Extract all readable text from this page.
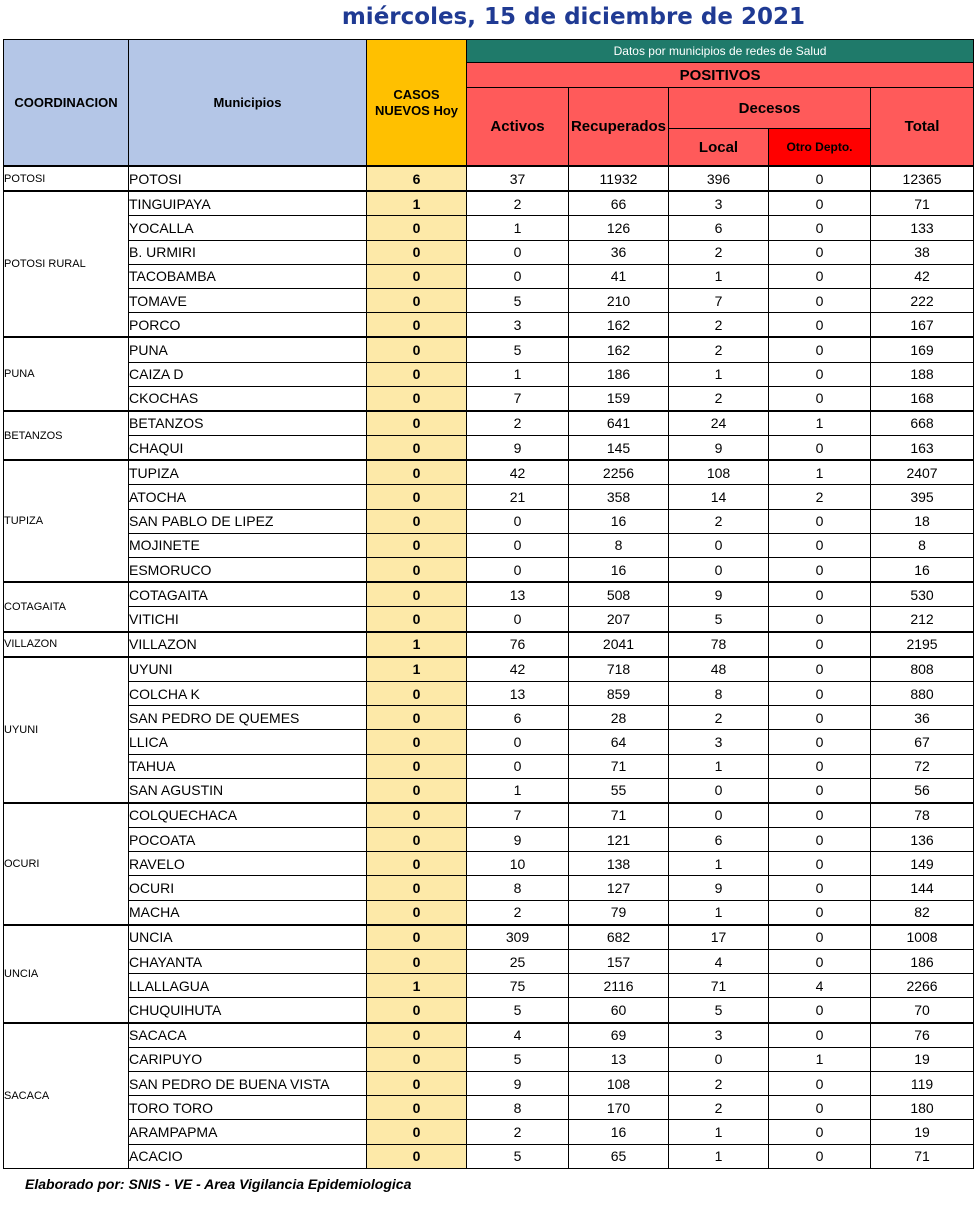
miércoles, 15 de diciembre de 2021
COORDINACION	Municipios	CASOS NUEVOS Hoy	Datos por municipios de redes de Salud				
			POSITIVOS				
			Activos	Recuperados	Decesos		Total
					Local	Otro Depto.	
POTOSI	POTOSI	6	37	11932	396	0	12365
POTOSI RURAL	TINGUIPAYA	1	2	66	3	0	71
	YOCALLA	0	1	126	6	0	133
	B. URMIRI	0	0	36	2	0	38
	TACOBAMBA	0	0	41	1	0	42
	TOMAVE	0	5	210	7	0	222
	PORCO	0	3	162	2	0	167
PUNA	PUNA	0	5	162	2	0	169
	CAIZA D	0	1	186	1	0	188
	CKOCHAS	0	7	159	2	0	168
BETANZOS	BETANZOS	0	2	641	24	1	668
	CHAQUI	0	9	145	9	0	163
TUPIZA	TUPIZA	0	42	2256	108	1	2407
	ATOCHA	0	21	358	14	2	395
	SAN PABLO DE LIPEZ	0	0	16	2	0	18
	MOJINETE	0	0	8	0	0	8
	ESMORUCO	0	0	16	0	0	16
COTAGAITA	COTAGAITA	0	13	508	9	0	530
	VITICHI	0	0	207	5	0	212
VILLAZON	VILLAZON	1	76	2041	78	0	2195
UYUNI	UYUNI	1	42	718	48	0	808
	COLCHA K	0	13	859	8	0	880
	SAN PEDRO DE QUEMES	0	6	28	2	0	36
	LLICA	0	0	64	3	0	67
	TAHUA	0	0	71	1	0	72
	SAN AGUSTIN	0	1	55	0	0	56
OCURI	COLQUECHACA	0	7	71	0	0	78
	POCOATA	0	9	121	6	0	136
	RAVELO	0	10	138	1	0	149
	OCURI	0	8	127	9	0	144
	MACHA	0	2	79	1	0	82
UNCIA	UNCIA	0	309	682	17	0	1008
	CHAYANTA	0	25	157	4	0	186
	LLALLAGUA	1	75	2116	71	4	2266
	CHUQUIHUTA	0	5	60	5	0	70
SACACA	SACACA	0	4	69	3	0	76
	CARIPUYO	0	5	13	0	1	19
	SAN PEDRO DE BUENA VISTA	0	9	108	2	0	119
	TORO TORO	0	8	170	2	0	180
	ARAMPAPMA	0	2	16	1	0	19
	ACACIO	0	5	65	1	0	71
Elaborado por: SNIS - VE - Area Vigilancia Epidemiologica
